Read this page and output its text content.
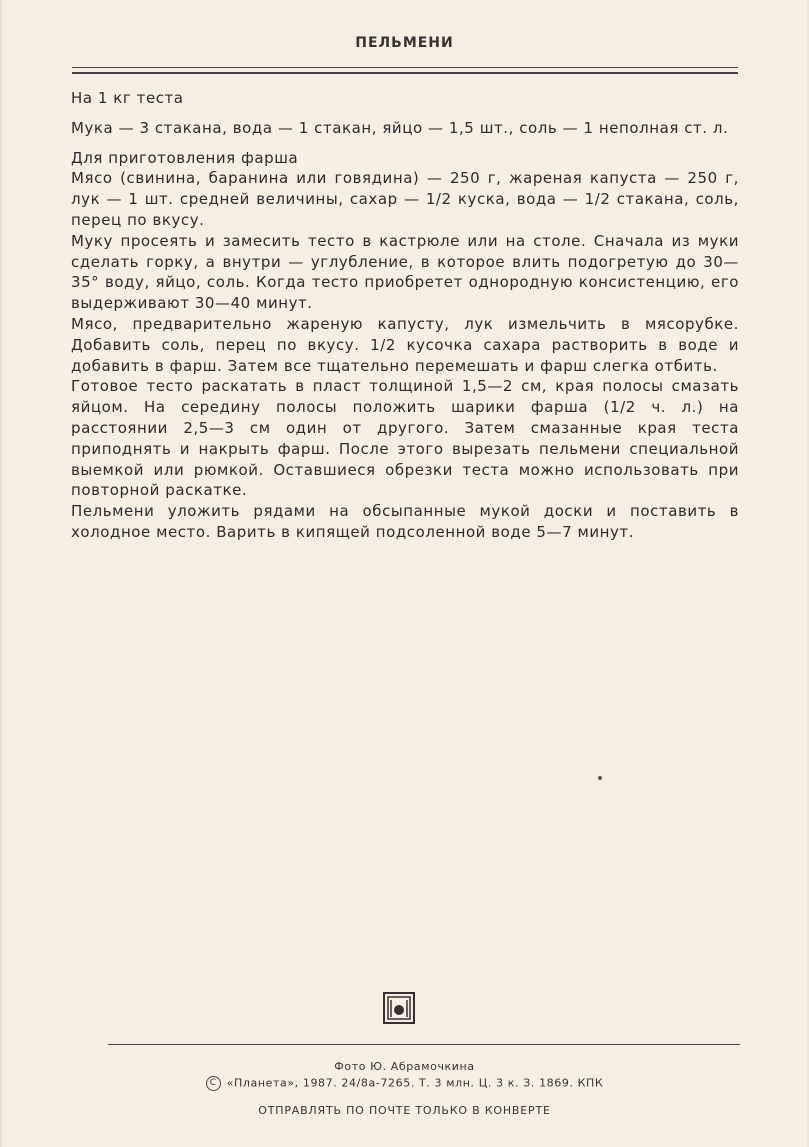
ПЕЛЬМЕНИ

На 1 кг теста

Мука — 3 стакана, вода — 1 стакан, яйцо — 1,5 шт., соль — 1 неполная ст. л.

Для приготовления фарша

Мясо (свинина, баранина или говядина) — 250 г, жареная капуста — 250 г, лук — 1 шт. средней величины, сахар — 1/2 куска, вода — 1/2 стакана, соль, перец по вкусу.

Муку просеять и замесить тесто в кастрюле или на столе. Сначала из муки сделать горку, а внутри — углубление, в которое влить подогретую до 30—35° воду, яйцо, соль. Когда тесто приобретет однородную консистенцию, его выдерживают 30—40 минут.

Мясо, предварительно жареную капусту, лук измельчить в мясорубке. Добавить соль, перец по вкусу. 1/2 кусочка сахара растворить в воде и добавить в фарш. Затем все тщательно перемешать и фарш слегка отбить.

Готовое тесто раскатать в пласт толщиной 1,5—2 см, края полосы смазать яйцом. На середину полосы положить шарики фарша (1/2 ч. л.) на расстоянии 2,5—3 см один от другого. Затем смазанные края теста приподнять и накрыть фарш. После этого вырезать пельмени специальной выемкой или рюмкой. Оставшиеся обрезки теста можно использовать при повторной раскатке.

Пельмени уложить рядами на обсыпанные мукой доски и поставить в холодное место. Варить в кипящей подсоленной воде 5—7 минут.

Фото Ю. Абрамочкина
С «Планета», 1987. 24/8а-7265. Т. 3 млн. Ц. 3 к. З. 1869. КПК
ОТПРАВЛЯТЬ ПО ПОЧТЕ ТОЛЬКО В КОНВЕРТЕ
